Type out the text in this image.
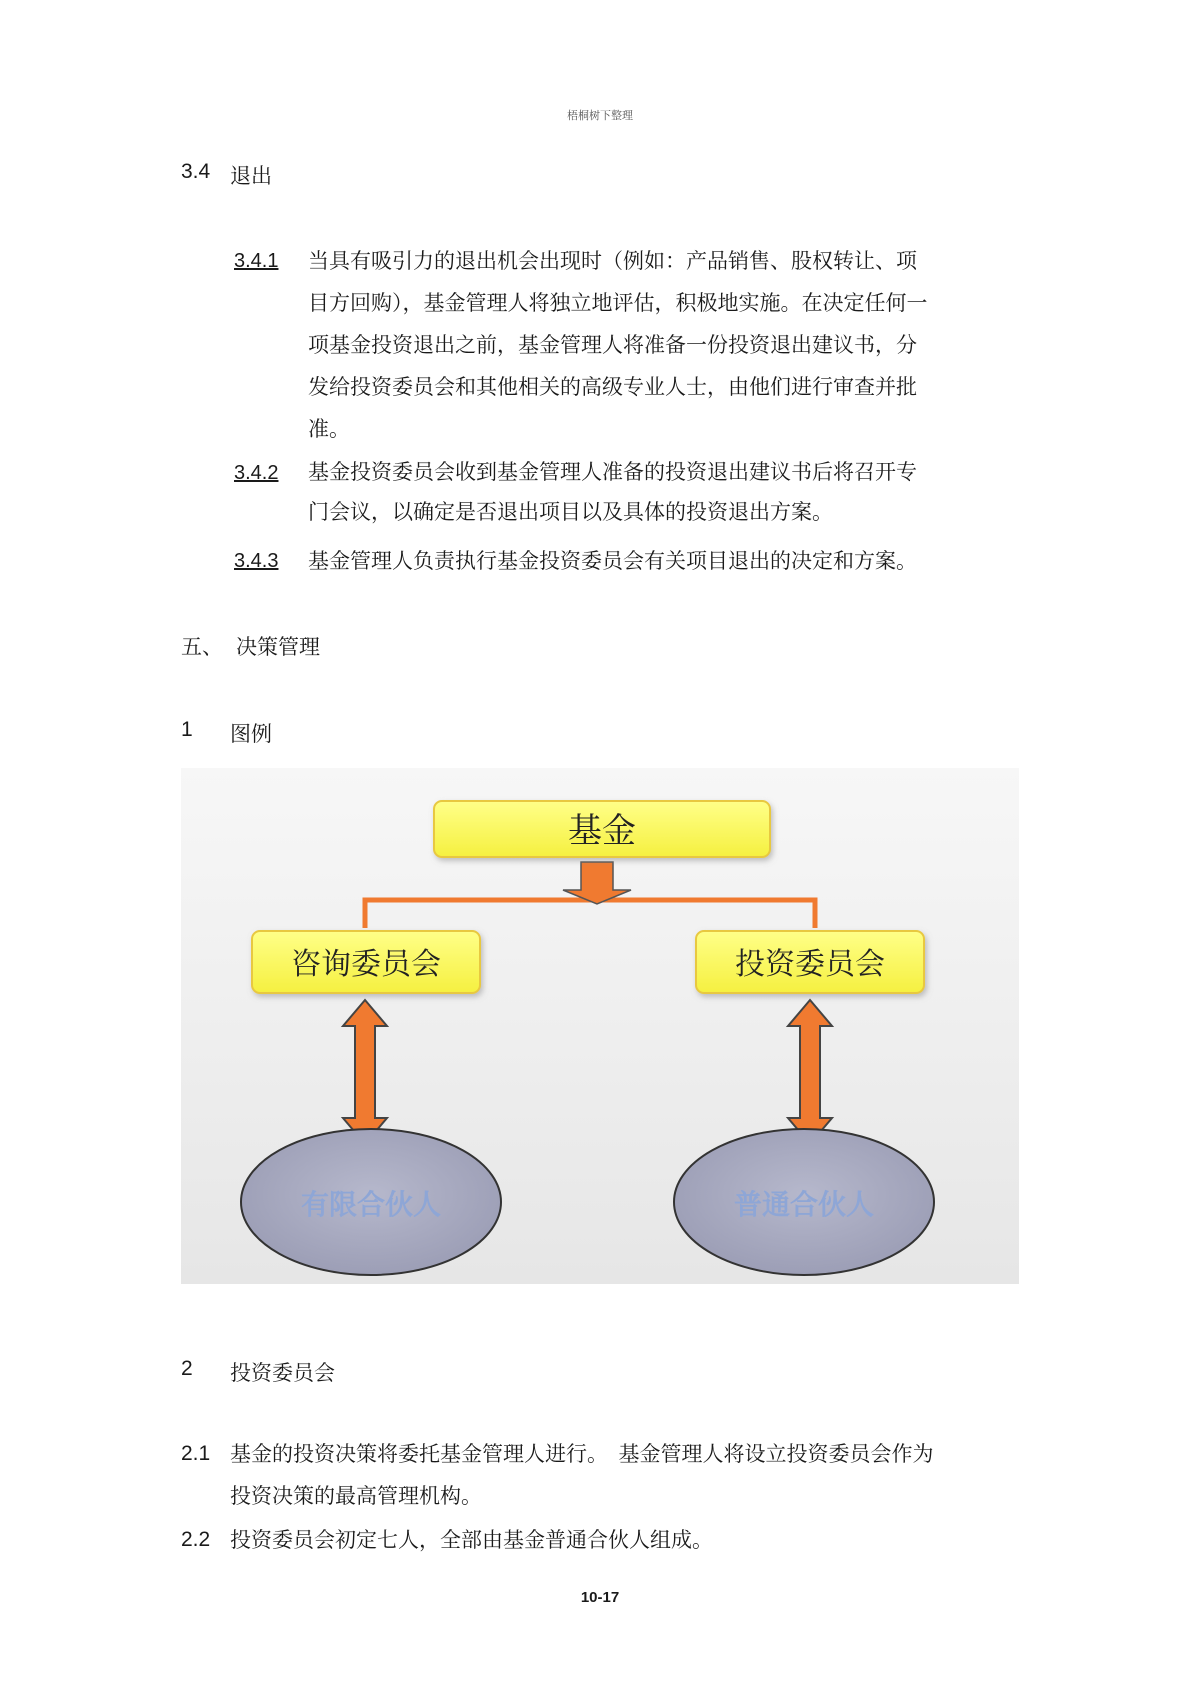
梧桐树下整理
3.4 退出
3.4.1 当具有吸引力的退出机会出现时（例如：产品销售、股权转让、项
目方回购），基金管理人将独立地评估，积极地实施。在决定任何一
项基金投资退出之前，基金管理人将准备一份投资退出建议书，分
发给投资委员会和其他相关的高级专业人士，由他们进行审查并批
准。
3.4.2 基金投资委员会收到基金管理人准备的投资退出建议书后将召开专
门会议，以确定是否退出项目以及具体的投资退出方案。
3.4.3 基金管理人负责执行基金投资委员会有关项目退出的决定和方案。
五、 决策管理
1 图例
基金
咨询委员会	投资委员会
有限合伙人	普通合伙人
2 投资委员会
2.1 基金的投资决策将委托基金管理人进行。　基金管理人将设立投资委员会作为
投资决策的最高管理机构。
2.2 投资委员会初定七人，全部由基金普通合伙人组成。
10-17
